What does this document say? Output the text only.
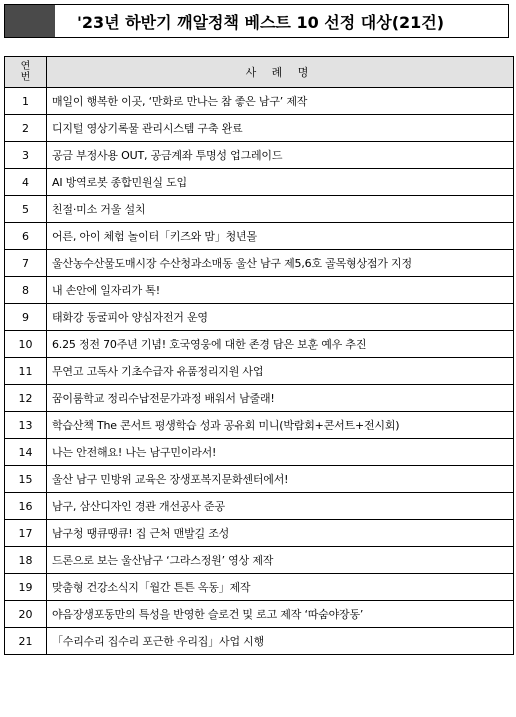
'23년 하반기 깨알정책 베스트 10 선정 대상(21건)
연
번	사 례 명
1	매일이 행복한 이곳, ‘만화로 만나는 참 좋은 남구’ 제작
2	디지털 영상기록물 관리시스템 구축 완료
3	공금 부정사용 OUT, 공금계좌 투명성 업그레이드
4	AI 방역로봇 종합민원실 도입
5	친절·미소 거울 설치
6	어른, 아이 체험 놀이터「키즈와 맘」청년몰
7	울산농수산물도매시장 수산청과소매동 울산 남구 제5,6호 골목형상점가 지정
8	내 손안에 일자리가 톡!
9	태화강 동굴피아 양심자전거 운영
10	6.25 정전 70주년 기념! 호국영웅에 대한 존경 담은 보훈 예우 추진
11	무연고 고독사 기초수급자 유품정리지원 사업
12	꿈이룸학교 정리수납전문가과정 배워서 남줄래!
13	학습산책 The 콘서트 평생학습 성과 공유회 미니(박람회+콘서트+전시회)
14	나는 안전해요! 나는 남구민이라서!
15	울산 남구 민방위 교육은 장생포복지문화센터에서!
16	남구, 삼산디자인 경관 개선공사 준공
17	남구청 땡큐땡큐! 집 근처 맨발길 조성
18	드론으로 보는 울산남구 ‘그라스정원’ 영상 제작
19	맞춤형 건강소식지「월간 튼튼 옥동」제작
20	야음장생포동만의 특성을 반영한 슬로건 및 로고 제작 ‘따숨야장동’
21	「수리수리 집수리 포근한 우리집」사업 시행
